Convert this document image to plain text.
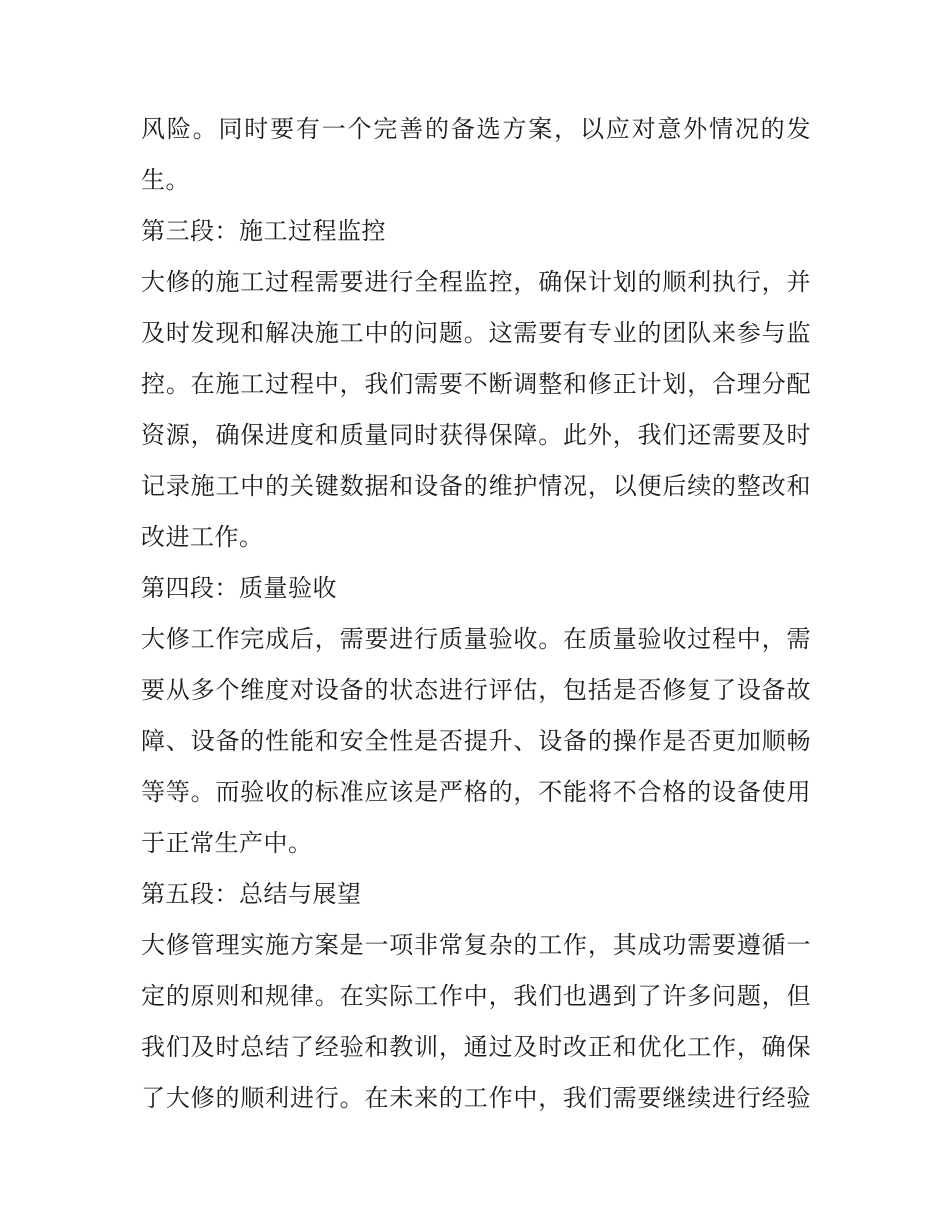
风险。同时要有一个完善的备选方案，以应对意外情况的发
生。
第三段：施工过程监控
大修的施工过程需要进行全程监控，确保计划的顺利执行，并
及时发现和解决施工中的问题。这需要有专业的团队来参与监
控。在施工过程中，我们需要不断调整和修正计划，合理分配
资源，确保进度和质量同时获得保障。此外，我们还需要及时
记录施工中的关键数据和设备的维护情况，以便后续的整改和
改进工作。
第四段：质量验收
大修工作完成后，需要进行质量验收。在质量验收过程中，需
要从多个维度对设备的状态进行评估，包括是否修复了设备故
障、设备的性能和安全性是否提升、设备的操作是否更加顺畅
等等。而验收的标准应该是严格的，不能将不合格的设备使用
于正常生产中。
第五段：总结与展望
大修管理实施方案是一项非常复杂的工作，其成功需要遵循一
定的原则和规律。在实际工作中，我们也遇到了许多问题，但
我们及时总结了经验和教训，通过及时改正和优化工作，确保
了大修的顺利进行。在未来的工作中，我们需要继续进行经验
